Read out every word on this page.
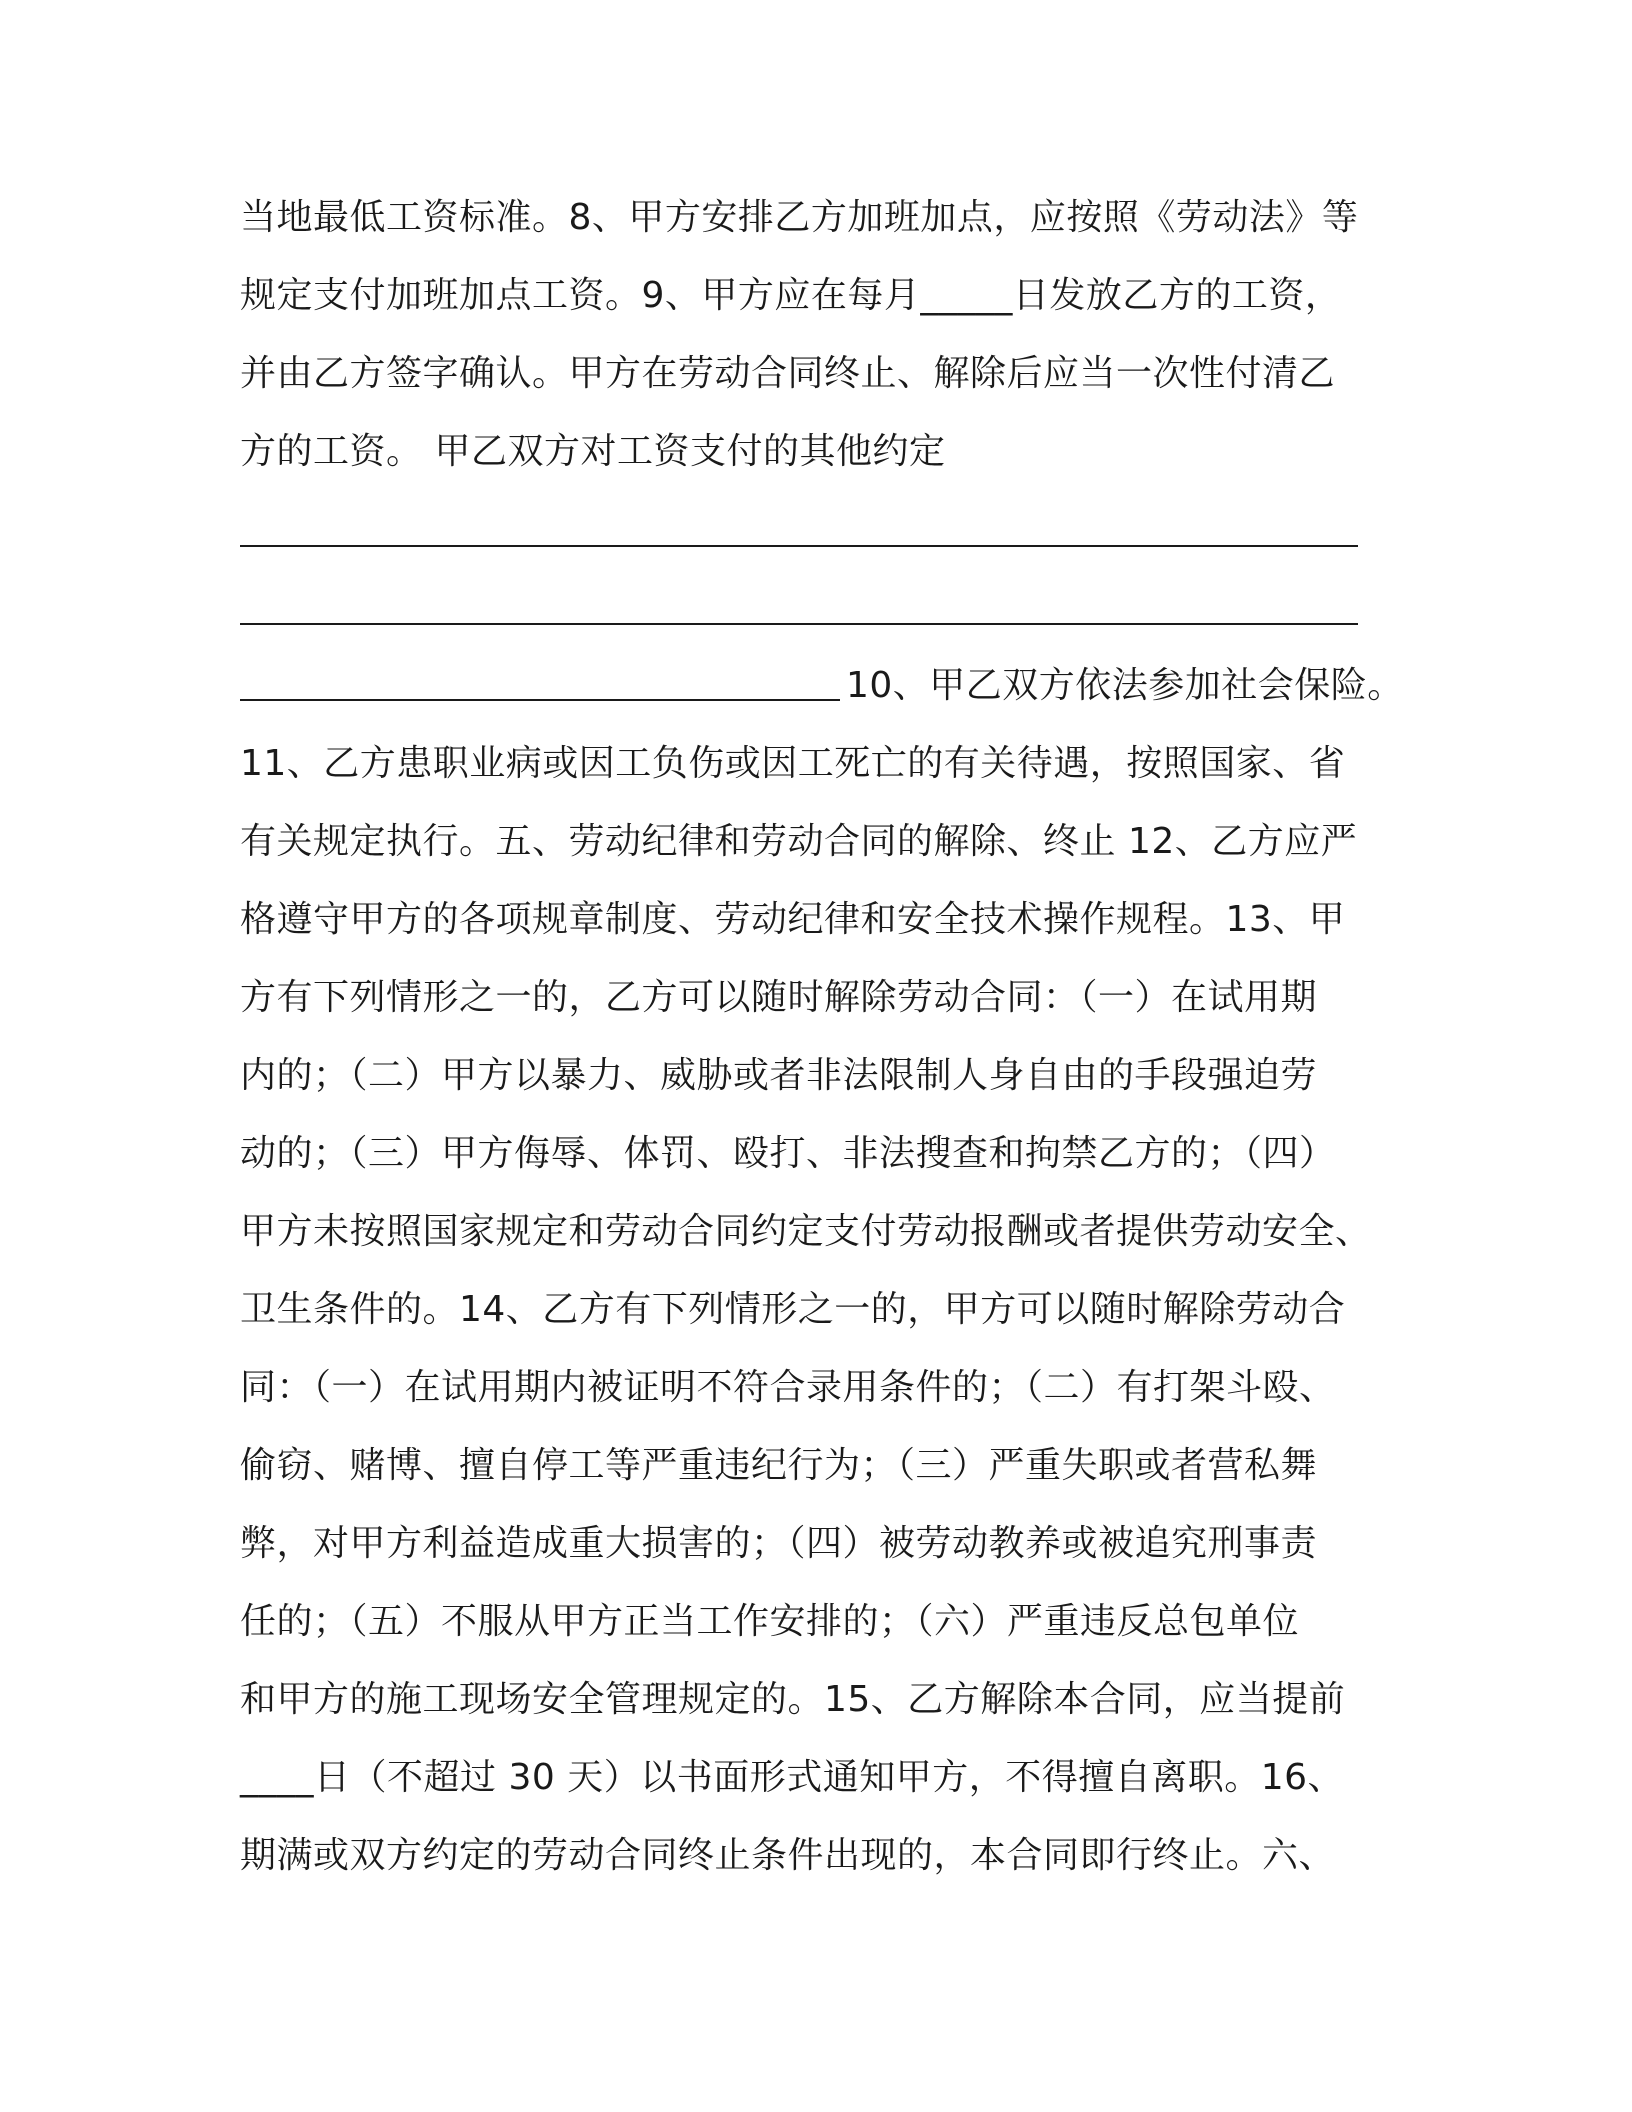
当地最低工资标准。8、甲方安排乙方加班加点，应按照《劳动法》等
规定支付加班加点工资。9、甲方应在每月_____日发放乙方的工资，
并由乙方签字确认。甲方在劳动合同终止、解除后应当一次性付清乙
方的工资。 甲乙双方对工资支付的其他约定
10、甲乙双方依法参加社会保险。
11、乙方患职业病或因工负伤或因工死亡的有关待遇，按照国家、省
有关规定执行。五、劳动纪律和劳动合同的解除、终止 12、乙方应严
格遵守甲方的各项规章制度、劳动纪律和安全技术操作规程。13、甲
方有下列情形之一的，乙方可以随时解除劳动合同：（一）在试用期
内的；（二）甲方以暴力、威胁或者非法限制人身自由的手段强迫劳
动的；（三）甲方侮辱、体罚、殴打、非法搜查和拘禁乙方的；（四）
甲方未按照国家规定和劳动合同约定支付劳动报酬或者提供劳动安全、
卫生条件的。14、乙方有下列情形之一的，甲方可以随时解除劳动合
同：（一）在试用期内被证明不符合录用条件的；（二）有打架斗殴、
偷窃、赌博、擅自停工等严重违纪行为；（三）严重失职或者营私舞
弊，对甲方利益造成重大损害的；（四）被劳动教养或被追究刑事责
任的；（五）不服从甲方正当工作安排的；（六）严重违反总包单位
和甲方的施工现场安全管理规定的。15、乙方解除本合同，应当提前
____日（不超过 30 天）以书面形式通知甲方，不得擅自离职。16、
期满或双方约定的劳动合同终止条件出现的，本合同即行终止。六、
